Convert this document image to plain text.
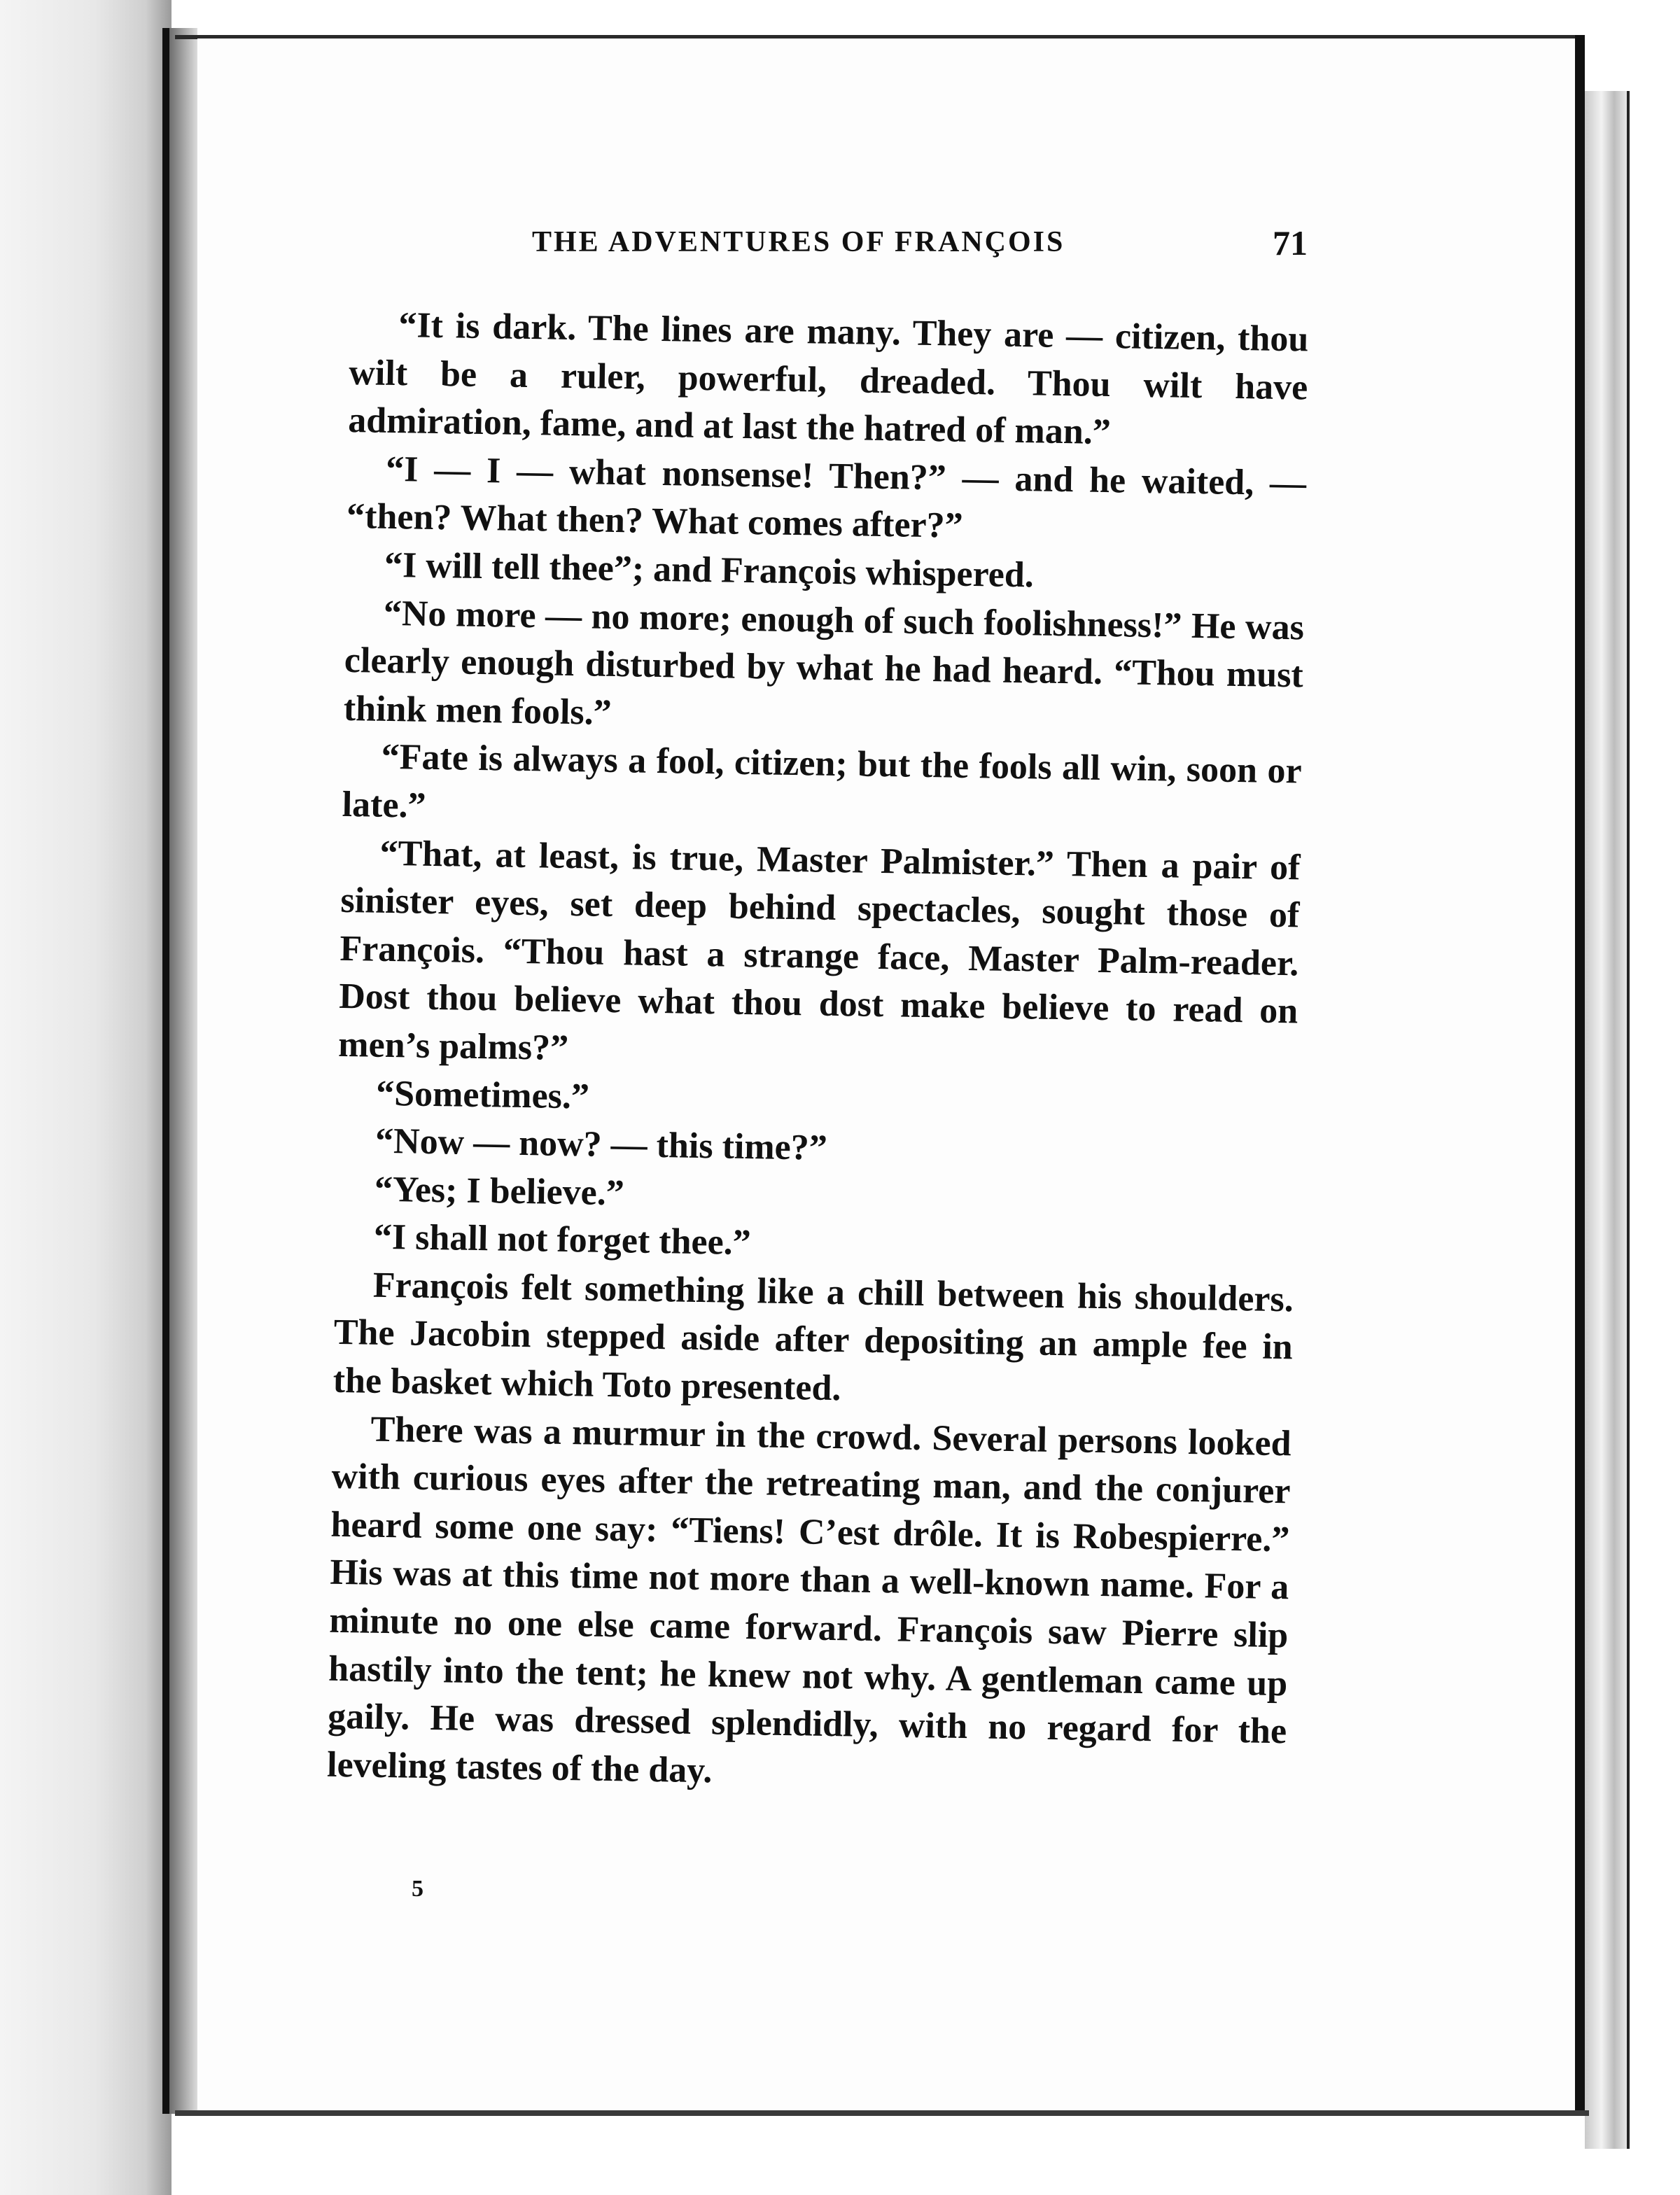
THE ADVENTURES OF FRANÇOIS	71

“It is dark. The lines are many. They are — citizen, thou wilt be a ruler, powerful, dreaded. Thou wilt have admiration, fame, and at last the hatred of man.”

“I — I — what nonsense! Then?” — and he waited, — “then? What then? What comes after?”

“I will tell thee”; and François whispered.

“No more — no more; enough of such foolishness!” He was clearly enough disturbed by what he had heard. “Thou must think men fools.”

“Fate is always a fool, citizen; but the fools all win, soon or late.”

“That, at least, is true, Master Palmister.” Then a pair of sinister eyes, set deep behind spectacles, sought those of François. “Thou hast a strange face, Master Palm-reader. Dost thou believe what thou dost make believe to read on men’s palms?”

“Sometimes.”

“Now — now? — this time?”

“Yes; I believe.”

“I shall not forget thee.”

François felt something like a chill between his shoulders. The Jacobin stepped aside after depositing an ample fee in the basket which Toto presented.

There was a murmur in the crowd. Several persons looked with curious eyes after the retreating man, and the conjurer heard some one say: “Tiens! C’est drôle. It is Robespierre.” His was at this time not more than a well-known name. For a minute no one else came forward. François saw Pierre slip hastily into the tent; he knew not why. A gentleman came up gaily. He was dressed splendidly, with no regard for the leveling tastes of the day.

5
